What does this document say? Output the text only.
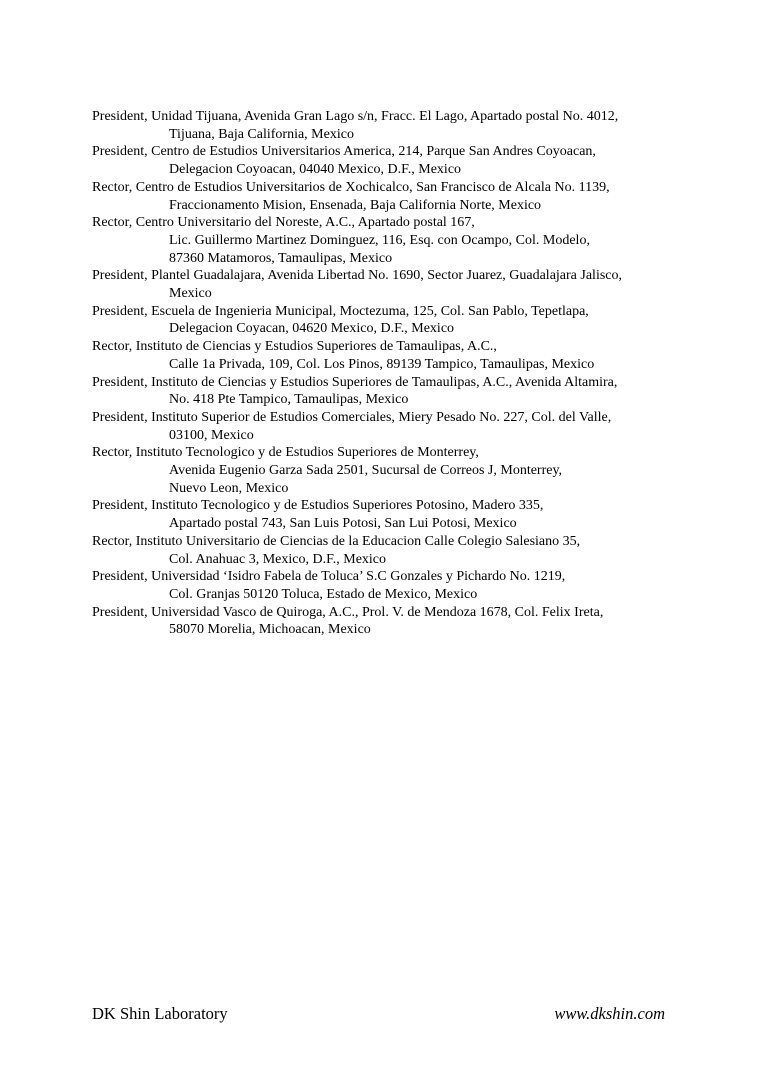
President, Unidad Tijuana, Avenida Gran Lago s/n, Fracc. El Lago, Apartado postal No. 4012,
Tijuana, Baja California, Mexico
President, Centro de Estudios Universitarios America, 214, Parque San Andres Coyoacan,
Delegacion Coyoacan, 04040 Mexico, D.F., Mexico
Rector, Centro de Estudios Universitarios de Xochicalco, San Francisco de Alcala No. 1139,
Fraccionamento Mision, Ensenada, Baja California Norte, Mexico
Rector, Centro Universitario del Noreste, A.C., Apartado postal 167,
Lic. Guillermo Martinez Dominguez, 116, Esq. con Ocampo, Col. Modelo,
87360 Matamoros, Tamaulipas, Mexico
President, Plantel Guadalajara, Avenida Libertad No. 1690, Sector Juarez, Guadalajara Jalisco,
Mexico
President, Escuela de Ingenieria Municipal, Moctezuma, 125, Col. San Pablo, Tepetlapa,
Delegacion Coyacan, 04620 Mexico, D.F., Mexico
Rector, Instituto de Ciencias y Estudios Superiores de Tamaulipas, A.C.,
Calle 1a Privada, 109, Col. Los Pinos, 89139 Tampico, Tamaulipas, Mexico
President, Instituto de Ciencias y Estudios Superiores de Tamaulipas, A.C., Avenida Altamira,
No. 418 Pte Tampico, Tamaulipas, Mexico
President, Instituto Superior de Estudios Comerciales, Miery Pesado No. 227, Col. del Valle,
03100, Mexico
Rector, Instituto Tecnologico y de Estudios Superiores de Monterrey,
Avenida Eugenio Garza Sada 2501, Sucursal de Correos J, Monterrey,
Nuevo Leon, Mexico
President, Instituto Tecnologico y de Estudios Superiores Potosino, Madero 335,
Apartado postal 743, San Luis Potosi, San Lui Potosi, Mexico
Rector, Instituto Universitario de Ciencias de la Educacion Calle Colegio Salesiano 35,
Col. Anahuac 3, Mexico, D.F., Mexico
President, Universidad ‘Isidro Fabela de Toluca’ S.C Gonzales y Pichardo No. 1219,
Col. Granjas 50120 Toluca, Estado de Mexico, Mexico
President, Universidad Vasco de Quiroga, A.C., Prol. V. de Mendoza 1678, Col. Felix Ireta,
58070 Morelia, Michoacan, Mexico
DK Shin Laboratory	www.dkshin.com
